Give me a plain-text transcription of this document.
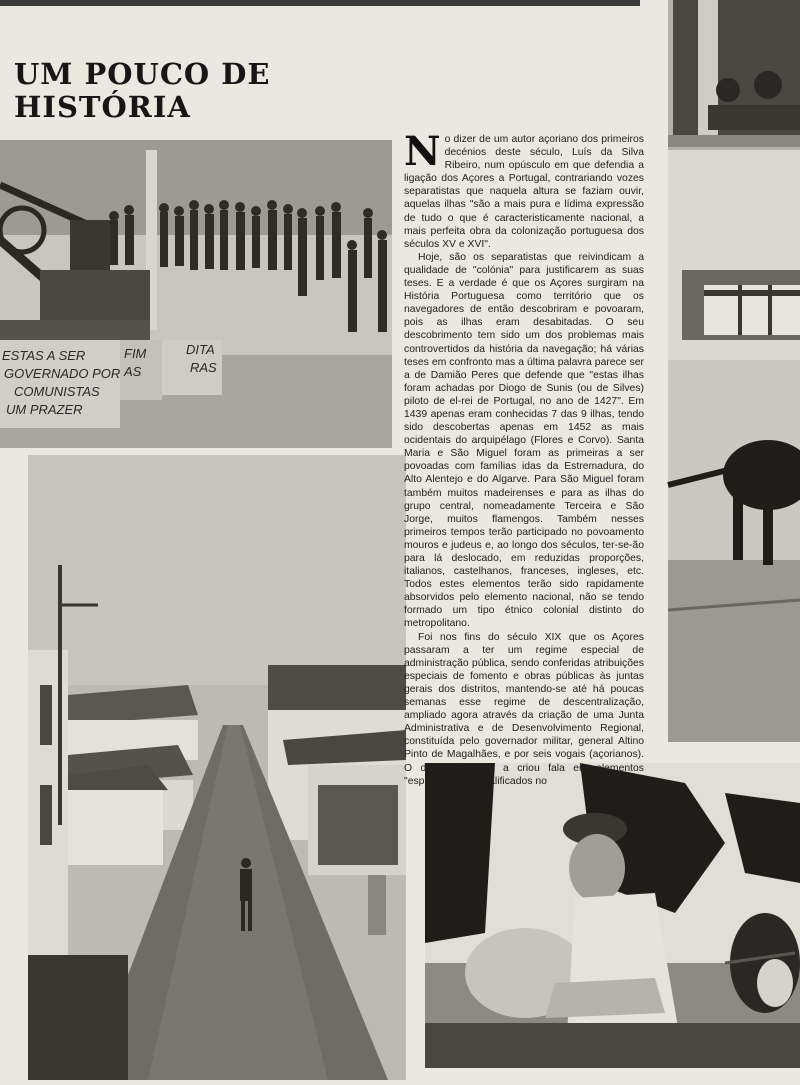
UM POUCO DE
HISTÓRIA
ESTAS A SER
GOVERNADO POR
COMUNISTAS
UM PRAZER
FIM
AS
DITA
RAS

No dizer de um autor açoriano dos primeiros decénios deste século, Luís da Silva Ribeiro, num opúsculo em que defendia a ligação dos Açores a Portugal, contrariando vozes separatistas que naquela altura se faziam ouvir, aquelas ilhas "são a mais pura e lídima expressão de tudo o que é caracteristicamente nacional, a mais perfeita obra da colonização portuguesa dos séculos XV e XVI".

Hoje, são os separatistas que reivindicam a qualidade de "colónia" para justificarem as suas teses. E a verdade é que os Açores surgiram na História Portuguesa como território que os navegadores de então descobriram e povoaram, pois as ilhas eram desabitadas. O seu descobrimento tem sido um dos problemas mais controvertidos da história da navegação; há várias teses em confronto mas a última palavra parece ser a de Damião Peres que defende que "estas ilhas foram achadas por Diogo de Sunis (ou de Silves) piloto de el-rei de Portugal, no ano de 1427". Em 1439 apenas eram conhecidas 7 das 9 ilhas, tendo sido descobertas apenas em 1452 as mais ocidentais do arquipélago (Flores e Corvo). Santa Maria e São Miguel foram as primeiras a ser povoadas com famílias idas da Estremadura, do Alto Alentejo e do Algarve. Para São Miguel foram também muitos madeirenses e para as ilhas do grupo central, nomeadamente Terceira e São Jorge, muitos flamengos. Também nesses primeiros tempos terão participado no povoamento mouros e judeus e, ao longo dos séculos, ter-se-ão para lá deslocado, em reduzidas proporções, italianos, castelhanos, franceses, ingleses, etc. Todos estes elementos terão sido rapidamente absorvidos pelo elemento nacional, não se tendo formado um tipo étnico colonial distinto do metropolitano.

Foi nos fins do século XIX que os Açores passaram a ter um regime especial de administração pública, sendo conferidas atribuições especiais de fomento e obras públicas às juntas gerais dos distritos, mantendo-se até há poucas semanas esse regime de descentralização, ampliado agora através da criação de uma Junta Administrativa e de Desenvolvimento Regional, constituída pelo governador militar, general Altino Pinto de Magalhães, e por seis vogais (açorianos). O decreto-lei que a criou fala em elementos "especialmente qualificados no
